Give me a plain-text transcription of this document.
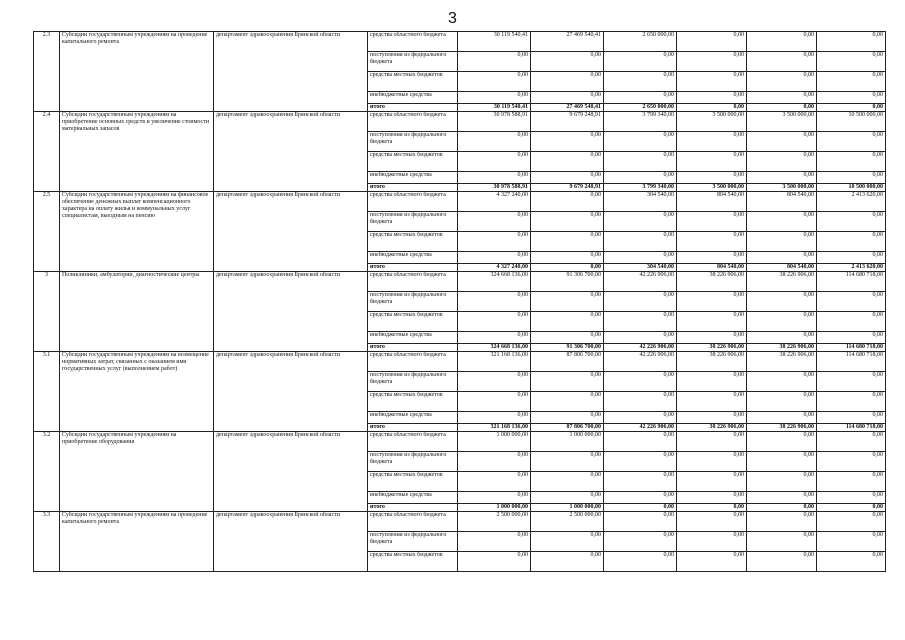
3
2.3	Субсидии государственным учреждениям на проведение капитального ремонта	департамент здравоохранения Брянской области	средства областного бюджета	30 119 540,41	27 469 540,41	2 650 000,00	0,00	0,00	0,00
			поступления из федерального бюджета	0,00	0,00	0,00	0,00	0,00	0,00
			средства местных бюджетов	0,00	0,00	0,00	0,00	0,00	0,00
			внебюджетные средства	0,00	0,00	0,00	0,00	0,00	0,00
			итого	30 119 540,41	27 469 540,41	2 650 000,00	0,00	0,00	0,00
2.4	Субсидии государственным учреждениям на приобретение основных средств и увеличение стоимости материальных запасов	департамент здравоохранения Брянской области	средства областного бюджета	30 978 588,91	9 679 248,91	3 799 340,00	3 500 000,00	3 500 000,00	10 500 000,00
			поступления из федерального бюджета	0,00	0,00	0,00	0,00	0,00	0,00
			средства местных бюджетов	0,00	0,00	0,00	0,00	0,00	0,00
			внебюджетные средства	0,00	0,00	0,00	0,00	0,00	0,00
			итого	30 978 588,91	9 679 248,91	3 799 340,00	3 500 000,00	3 500 000,00	10 500 000,00
2.5	Субсидии государственным учреждениям на финансовое обеспечение денежных выплат компенсационного характера на оплату жилья и коммунальных услуг специалистам, выездным на пенсию	департамент здравоохранения Брянской области	средства областного бюджета	4 327 240,00	0,00	304 540,00	804 540,00	804 540,00	2 413 620,00
			поступления из федерального бюджета	0,00	0,00	0,00	0,00	0,00	0,00
			средства местных бюджетов	0,00	0,00	0,00	0,00	0,00	0,00
			внебюджетные средства	0,00	0,00	0,00	0,00	0,00	0,00
			итого	4 327 240,00	0,00	304 540,00	804 540,00	804 540,00	2 413 620,00
3	Поликлиники, амбулатории, диагностические центры	департамент здравоохранения Брянской области	средства областного бюджета	324 668 136,00	91 306 700,00	42 226 906,00	38 226 906,00	38 226 906,00	114 680 718,00
			поступления из федерального бюджета	0,00	0,00	0,00	0,00	0,00	0,00
			средства местных бюджетов	0,00	0,00	0,00	0,00	0,00	0,00
			внебюджетные средства	0,00	0,00	0,00	0,00	0,00	0,00
			итого	324 668 136,00	91 306 700,00	42 226 906,00	38 226 906,00	38 226 906,00	114 680 718,00
3.1	Субсидии государственным учреждениям на возмещение нормативных затрат, связанных с оказанием ими государственных услуг (выполнением работ)	департамент здравоохранения Брянской области	средства областного бюджета	321 168 136,00	87 806 700,00	42 226 906,00	38 226 906,00	38 226 906,00	114 680 718,00
			поступления из федерального бюджета	0,00	0,00	0,00	0,00	0,00	0,00
			средства местных бюджетов	0,00	0,00	0,00	0,00	0,00	0,00
			внебюджетные средства	0,00	0,00	0,00	0,00	0,00	0,00
			итого	321 168 136,00	87 806 700,00	42 226 906,00	38 226 906,00	38 226 906,00	114 680 718,00
3.2	Субсидии государственным учреждениям на приобретение оборудования	департамент здравоохранения Брянской области	средства областного бюджета	1 000 000,00	1 000 000,00	0,00	0,00	0,00	0,00
			поступления из федерального бюджета	0,00	0,00	0,00	0,00	0,00	0,00
			средства местных бюджетов	0,00	0,00	0,00	0,00	0,00	0,00
			внебюджетные средства	0,00	0,00	0,00	0,00	0,00	0,00
			итого	1 000 000,00	1 000 000,00	0,00	0,00	0,00	0,00
3.3	Субсидии государственным учреждениям на проведение капитального ремонта	департамент здравоохранения Брянской области	средства областного бюджета	2 500 000,00	2 500 000,00	0,00	0,00	0,00	0,00
			поступления из федерального бюджета	0,00	0,00	0,00	0,00	0,00	0,00
			средства местных бюджетов	0,00	0,00	0,00	0,00	0,00	0,00
